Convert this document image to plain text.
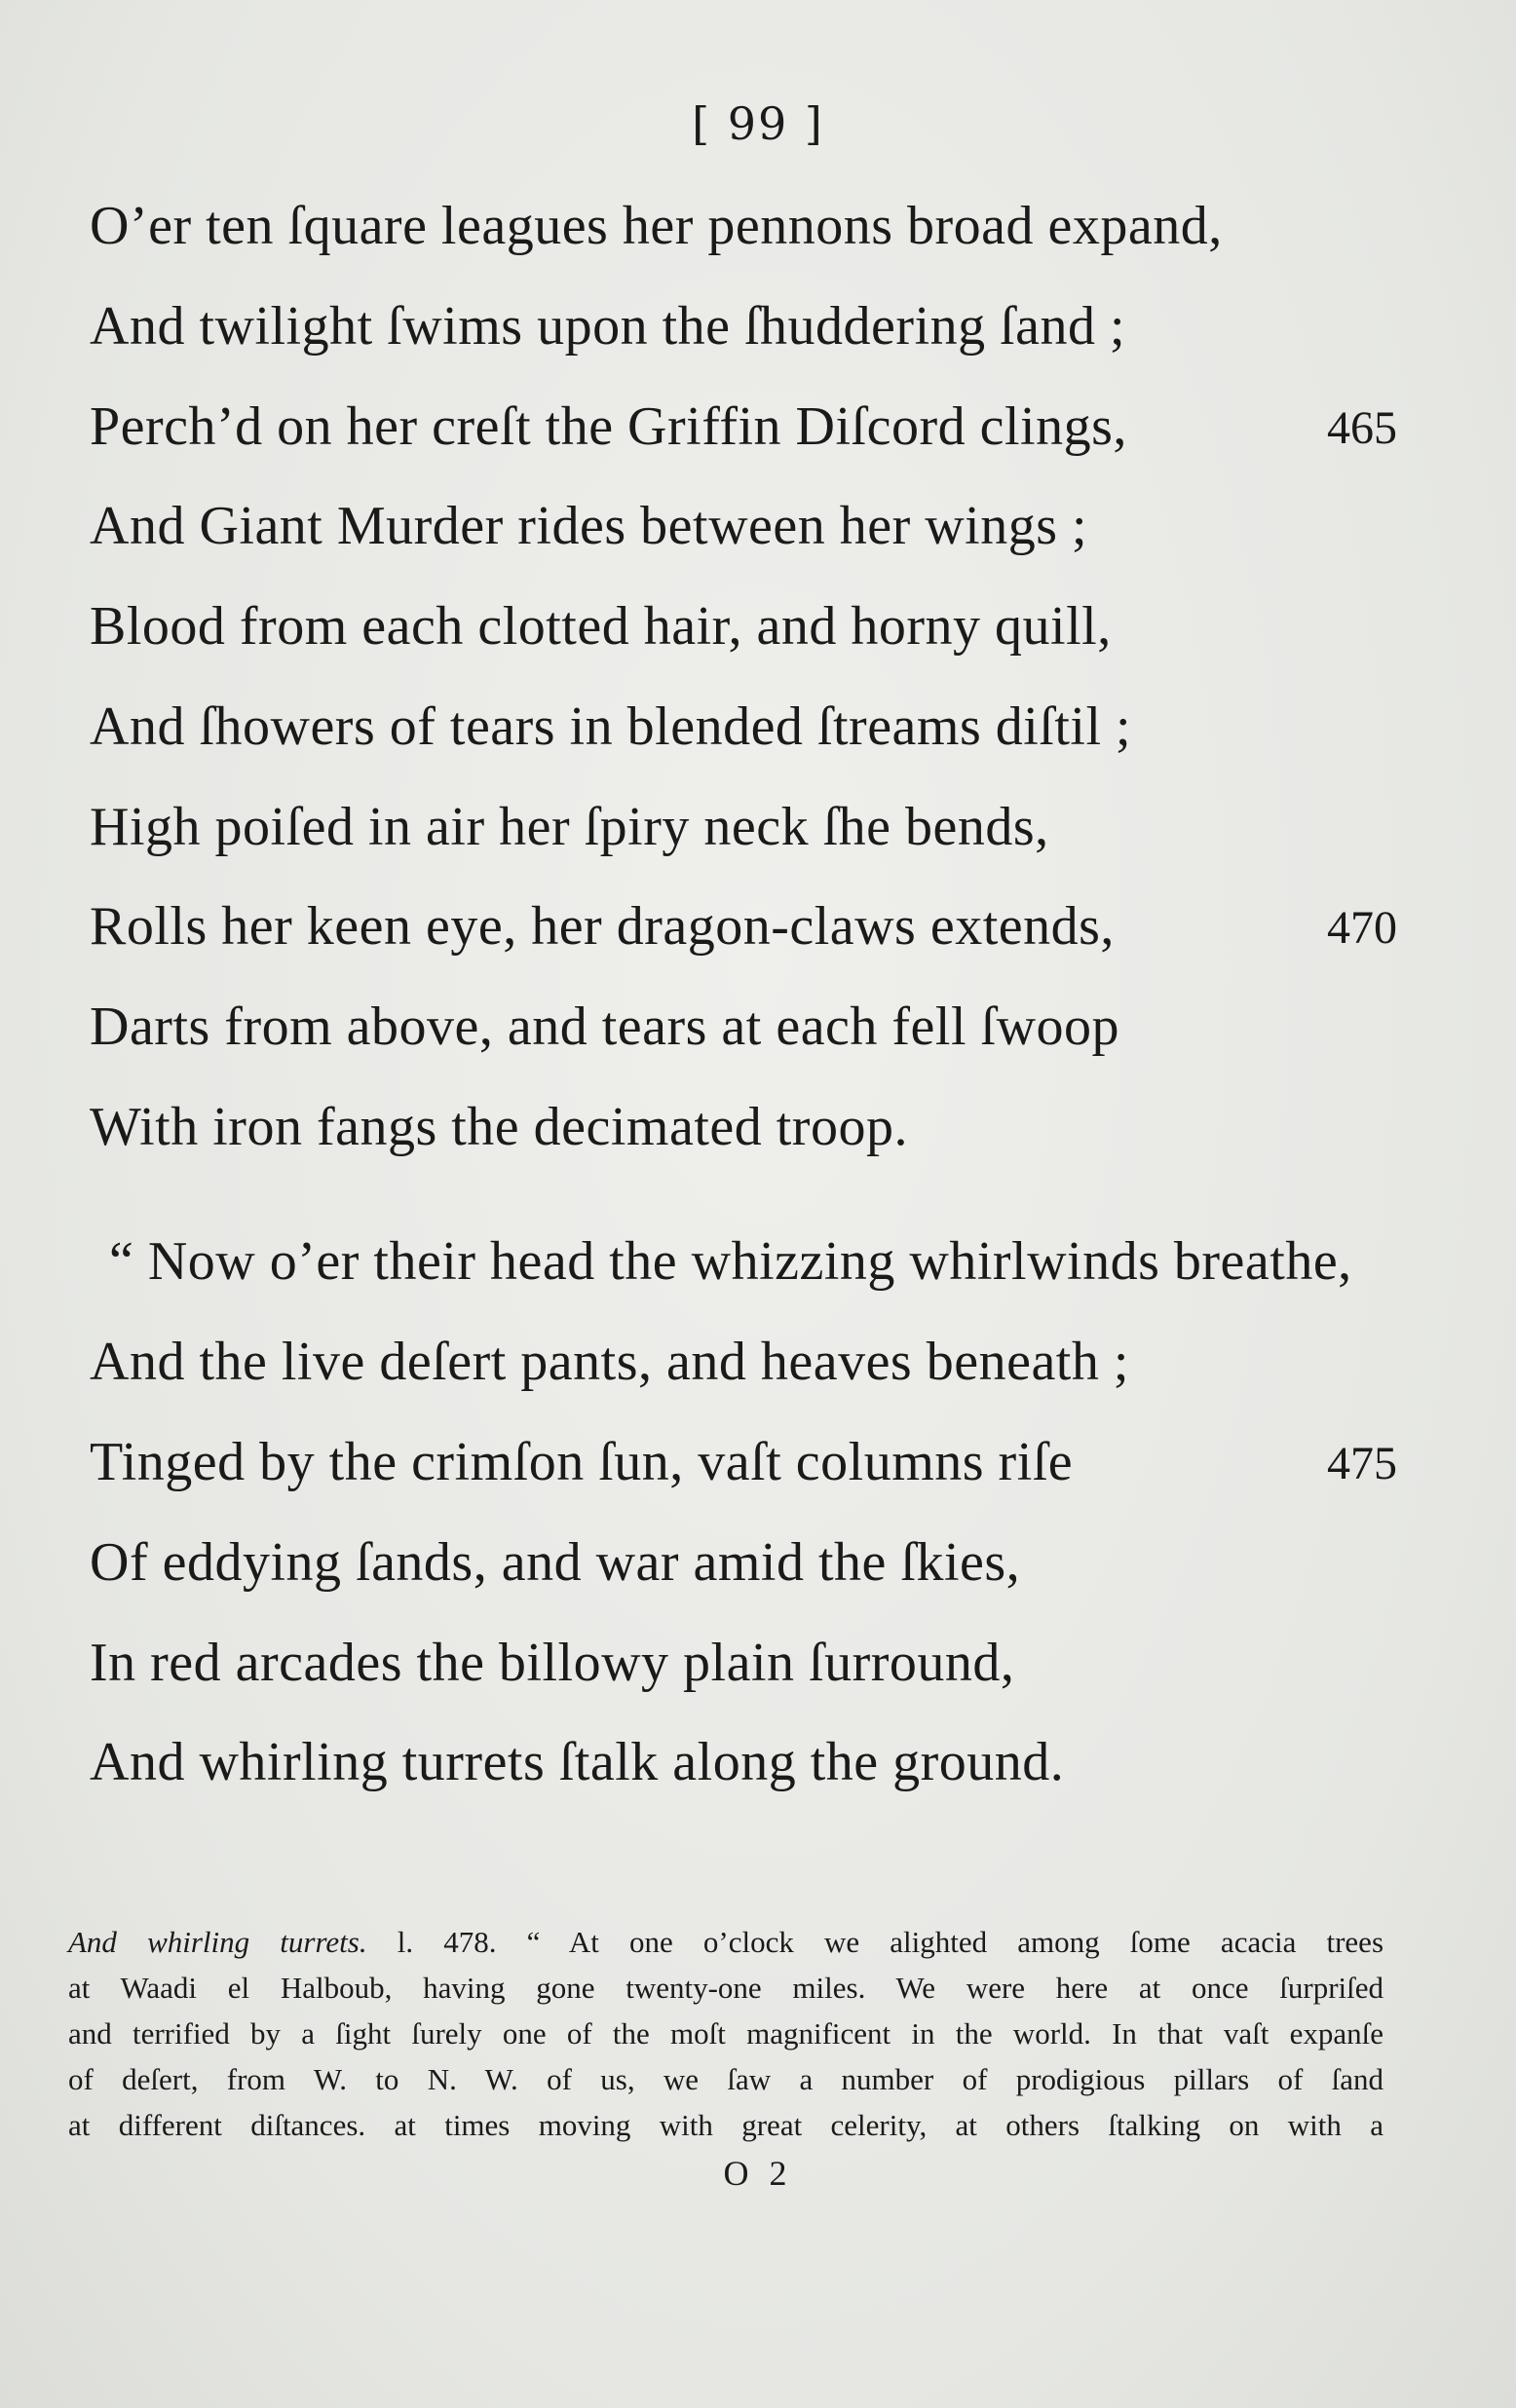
[ 99 ]
O’er ten ſquare leagues her pennons broad expand,
And twilight ſwims upon the ſhuddering ſand ;
Perch’d on her creſt the Griffin Diſcord clings,	465
And Giant Murder rides between her wings ;
Blood from each clotted hair, and horny quill,
And ſhowers of tears in blended ſtreams diſtil ;
High poiſed in air her ſpiry neck ſhe bends,
Rolls her keen eye, her dragon-claws extends,	470
Darts from above, and tears at each fell ſwoop
With iron fangs the decimated troop.
“ Now o’er their head the whizzing whirlwinds breathe,
And the live deſert pants, and heaves beneath ;
Tinged by the crimſon ſun, vaſt columns riſe	475
Of eddying ſands, and war amid the ſkies,
In red arcades the billowy plain ſurround,
And whirling turrets ſtalk along the ground.
And whirling turrets. l. 478. “ At one o’clock we alighted among ſome acacia trees
at Waadi el Halboub, having gone twenty-one miles. We were here at once ſurpriſed
and terrified by a ſight ſurely one of the moſt magnificent in the world. In that vaſt expanſe
of deſert, from W. to N. W. of us, we ſaw a number of prodigious pillars of ſand
at different diſtances. at times moving with great celerity, at others ſtalking on with a
O 2
